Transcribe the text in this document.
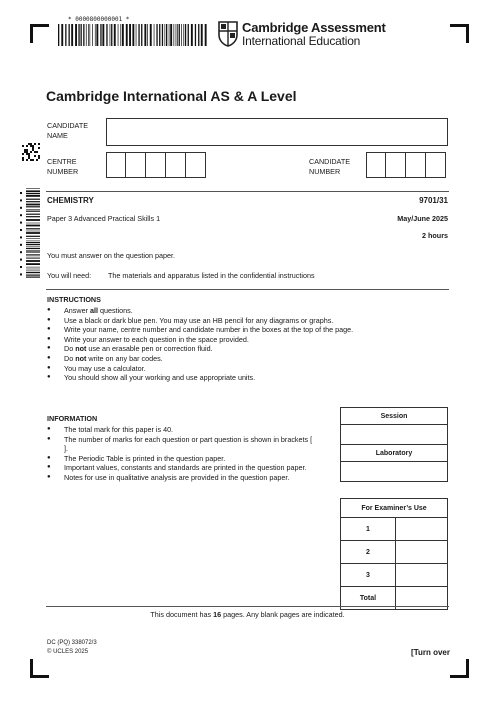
* 0000800000001 *
Cambridge Assessment
International Education
Cambridge International AS & A Level
CANDIDATE NAME
CENTRE NUMBER
CANDIDATE NUMBER
CHEMISTRY	9701/31
Paper 3 Advanced Practical Skills 1	May/June 2025
2 hours
You must answer on the question paper.
You will need: The materials and apparatus listed in the confidential instructions
INSTRUCTIONS
● Answer all questions.
● Use a black or dark blue pen. You may use an HB pencil for any diagrams or graphs.
● Write your name, centre number and candidate number in the boxes at the top of the page.
● Write your answer to each question in the space provided.
● Do not use an erasable pen or correction fluid.
● Do not write on any bar codes.
● You may use a calculator.
● You should show all your working and use appropriate units.
INFORMATION
● The total mark for this paper is 40.
● The number of marks for each question or part question is shown in brackets [ ].
● The Periodic Table is printed in the question paper.
● Important values, constants and standards are printed in the question paper.
● Notes for use in qualitative analysis are provided in the question paper.
Session

Laboratory

For Examiner’s Use	
1	
2	
3	
Total	
This document has 16 pages. Any blank pages are indicated.
DC (PQ) 338072/3
© UCLES 2025	[Turn over
